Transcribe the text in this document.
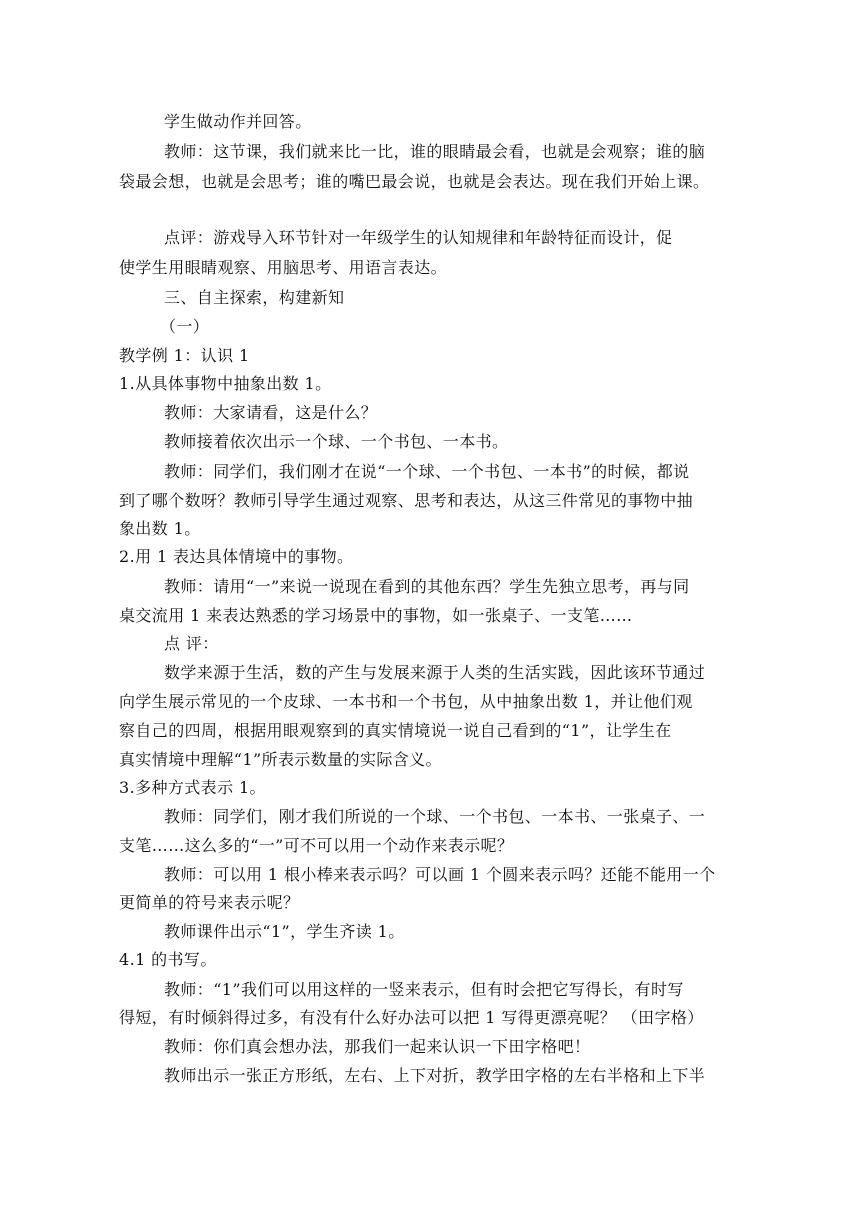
学生做动作并回答。
教师：这节课，我们就来比一比，谁的眼睛最会看，也就是会观察；谁的脑
袋最会想，也就是会思考；谁的嘴巴最会说，也就是会表达。现在我们开始上课。
点评：游戏导入环节针对一年级学生的认知规律和年龄特征而设计，促
使学生用眼睛观察、用脑思考、用语言表达。
三、自主探索，构建新知
（一）
教学例 1：认识 1
1.从具体事物中抽象出数 1。
教师：大家请看，这是什么？
教师接着依次出示一个球、一个书包、一本书。
教师：同学们，我们刚才在说“一个球、一个书包、一本书”的时候，都说
到了哪个数呀？教师引导学生通过观察、思考和表达，从这三件常见的事物中抽
象出数 1。
2.用 1 表达具体情境中的事物。
教师：请用“一”来说一说现在看到的其他东西？学生先独立思考，再与同
桌交流用 1 来表达熟悉的学习场景中的事物，如一张桌子、一支笔……
点 评：
数学来源于生活，数的产生与发展来源于人类的生活实践，因此该环节通过
向学生展示常见的一个皮球、一本书和一个书包，从中抽象出数 1，并让他们观
察自己的四周，根据用眼观察到的真实情境说一说自己看到的“1”，让学生在
真实情境中理解“1”所表示数量的实际含义。
3.多种方式表示 1。
教师：同学们，刚才我们所说的一个球、一个书包、一本书、一张桌子、一
支笔……这么多的“一”可不可以用一个动作来表示呢？
教师：可以用 1 根小棒来表示吗？可以画 1 个圆来表示吗？还能不能用一个
更简单的符号来表示呢？
教师课件出示“1”，学生齐读 1。
4.1 的书写。
教师：“1”我们可以用这样的一竖来表示，但有时会把它写得长，有时写
得短，有时倾斜得过多，有没有什么好办法可以把 1 写得更漂亮呢？ （田字格）
教师：你们真会想办法，那我们一起来认识一下田字格吧！
教师出示一张正方形纸，左右、上下对折，教学田字格的左右半格和上下半
